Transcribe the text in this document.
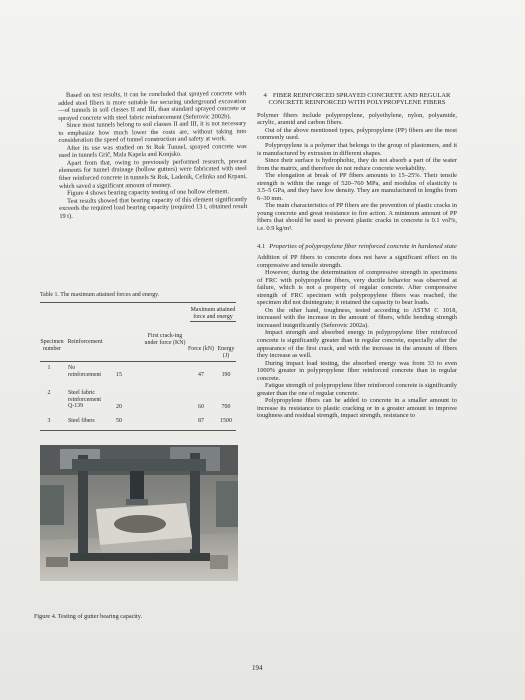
Based on test results, it can be concluded that sprayed concrete with added steel fibers is more suitable for securing underground excavation—of tunnels in soil classes II and III, than standard sprayed concrete or sprayed concrete with steel fabric reinforcement (Seferovic 2002b).

Since most tunnels belong to soil classes II and III, it is not necessary to emphasize how much lower the costs are, without taking into consideration the speed of tunnel construction and safety at work.

After its use was studied on St Rok Tunnel, sprayed concrete was used in tunnels Grič, Mala Kapela and Konjsko.

Apart from that, owing to previously performed research, precast elements for tunnel drainage (hollow gutters) were fabricated with steel fiber reinforced concrete in tunnels St Rok, Ladenik, Celinka and Krpani, which saved a significant amount of money.

Figure 4 shows bearing capacity testing of one hollow element.

Test results showed that bearing capacity of this element significantly exceeds the required load bearing capacity (required 13 t, obtained result 19 t).

Table 1. The maximum attained forces and energy.
Maximum attained force and energy
Specimen number
Reinforcement
First crack-ing under force (KN)
Force (kN) Energy (J)
1	No reinforcement	15	47	190
2	Steel fabric reinforcement Q-139	20	60	700
3	Steel fibers	50	87	1500
Figure 4. Testing of gutter bearing capacity.
4 FIBER REINFORCED SPRAYED CONCRETE AND REGULAR CONCRETE REINFORCED WITH POLYPROPYLENE FIBERS

Polymer fibers include polypropylene, polyethylene, nylon, polyamide, acrylic, aramid and carbon fibers.

Out of the above mentioned types, polypropylene (PP) fibers are the most commonly used.

Polypropylene is a polymer that belongs to the group of plastomers, and it is manufactured by extrusion in different shapes.

Since their surface is hydrophobic, they do not absorb a part of the water from the matrix, and therefore do not reduce concrete workability.

The elongation at break of PP fibers amounts to 15–25%. Their tensile strength is within the range of 520–760 MPa, and modulus of elasticity is 3.5–5 GPa, and they have low density. They are manufactured in lengths from 6–30 mm.

The main characteristics of PP fibers are the prevention of plastic cracks in young concrete and great resistance to fire action. A minimum amount of PP fibers that should be used to prevent plastic cracks in concrete is 0.1 vol%, i.e. 0.9 kg/m³.

4.1 Properties of polypropylene fiber reinforced concrete in hardened state

Addition of PP fibers to concrete does not have a significant effect on its compressive and tensile strength.

However, during the determination of compressive strength in specimens of FRC with polypropylene fibers, very ductile behavior was observed at failure, which is not a property of regular concrete. After compressive strength of FRC specimen with polypropylene fibers was reached, the specimen did not disintegrate; it retained the capacity to bear loads.

On the other hand, toughness, tested according to ASTM C 1018, increased with the increase in the amount of fibers, while bending strength increased insignificantly (Seferovic 2002a).

Impact strength and absorbed energy in polypropylene fiber reinforced concrete is significantly greater than in regular concrete, especially after the appearance of the first crack, and with the increase in the amount of fibers they increase as well.

During impact load testing, the absorbed energy was from 33 to even 1000% greater in polypropylene fiber reinforced concrete than in regular concrete.

Fatigue strength of polypropylene fiber reinforced concrete is significantly greater than the one of regular concrete.

Polypropylene fibers can be added to concrete in a smaller amount to increase its resistance to plastic cracking or in a greater amount to improve toughness and residual strength, impact strength, resistance to

194
